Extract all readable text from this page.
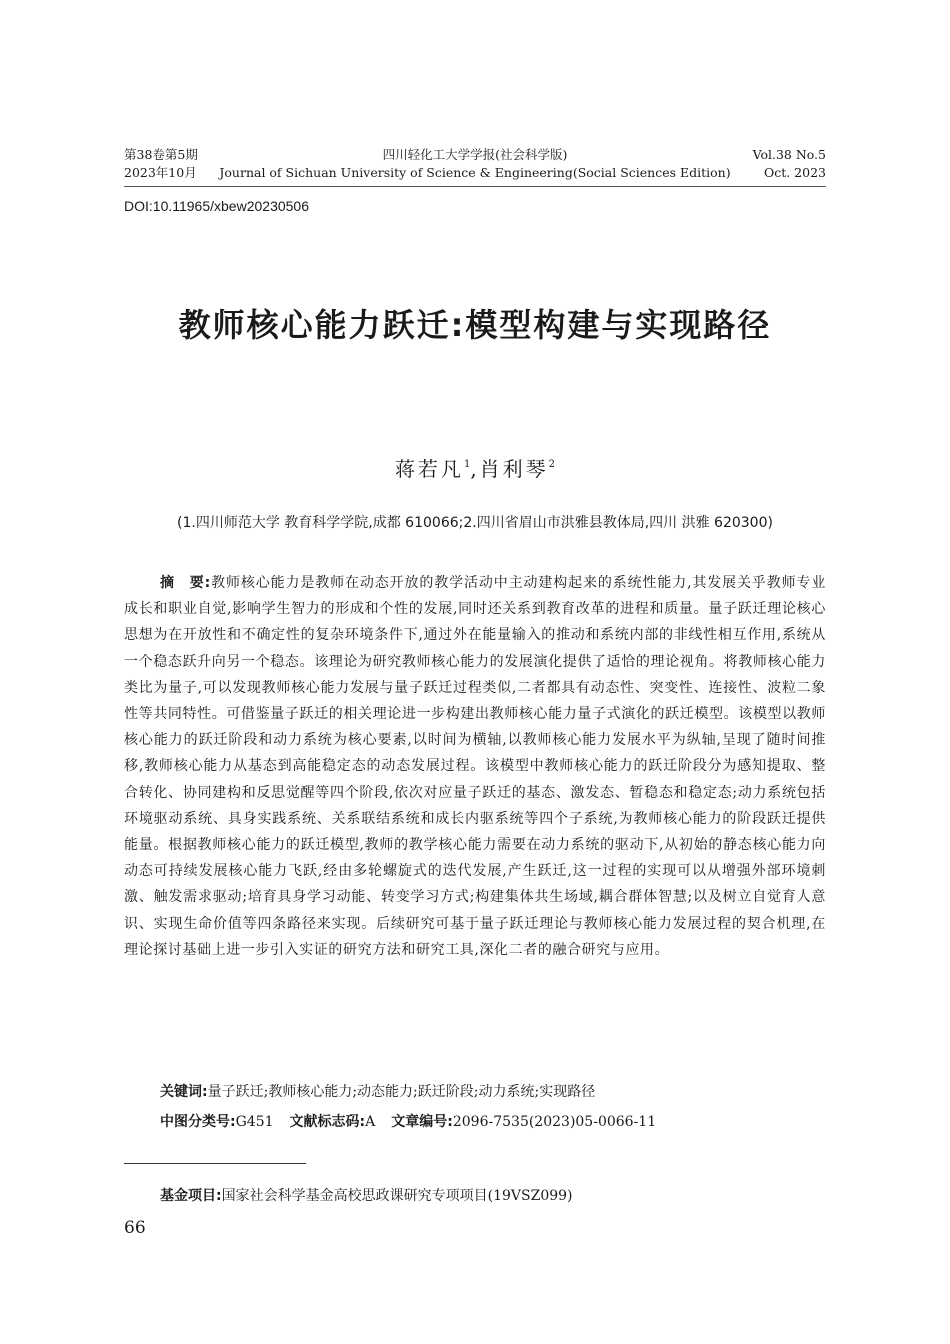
第38卷第5期
2023年10月
四川轻化工大学学报(社会科学版)
Journal of Sichuan University of Science & Engineering(Social Sciences Edition)
Vol.38 No.5
Oct. 2023
DOI:10.11965/xbew20230506
教师核心能力跃迁:模型构建与实现路径
蒋若凡$^1$,肖利琴$^2$
(1.四川师范大学 教育科学学院,成都 610066;2.四川省眉山市洪雅县教体局,四川 洪雅 620300)
摘　要:教师核心能力是教师在动态开放的教学活动中主动建构起来的系统性能力,其发展关乎教师专业成长和职业自觉,影响学生智力的形成和个性的发展,同时还关系到教育改革的进程和质量。量子跃迁理论核心思想为在开放性和不确定性的复杂环境条件下,通过外在能量输入的推动和系统内部的非线性相互作用,系统从一个稳态跃升向另一个稳态。该理论为研究教师核心能力的发展演化提供了适恰的理论视角。将教师核心能力类比为量子,可以发现教师核心能力发展与量子跃迁过程类似,二者都具有动态性、突变性、连接性、波粒二象性等共同特性。可借鉴量子跃迁的相关理论进一步构建出教师核心能力量子式演化的跃迁模型。该模型以教师核心能力的跃迁阶段和动力系统为核心要素,以时间为横轴,以教师核心能力发展水平为纵轴,呈现了随时间推移,教师核心能力从基态到高能稳定态的动态发展过程。该模型中教师核心能力的跃迁阶段分为感知提取、整合转化、协同建构和反思觉醒等四个阶段,依次对应量子跃迁的基态、激发态、暂稳态和稳定态;动力系统包括环境驱动系统、具身实践系统、关系联结系统和成长内驱系统等四个子系统,为教师核心能力的阶段跃迁提供能量。根据教师核心能力的跃迁模型,教师的教学核心能力需要在动力系统的驱动下,从初始的静态核心能力向动态可持续发展核心能力飞跃,经由多轮螺旋式的迭代发展,产生跃迁,这一过程的实现可以从增强外部环境刺激、触发需求驱动;培育具身学习动能、转变学习方式;构建集体共生场域,耦合群体智慧;以及树立自觉育人意识、实现生命价值等四条路径来实现。后续研究可基于量子跃迁理论与教师核心能力发展过程的契合机理,在理论探讨基础上进一步引入实证的研究方法和研究工具,深化二者的融合研究与应用。
关键词:量子跃迁;教师核心能力;动态能力;跃迁阶段;动力系统;实现路径
中图分类号:G451 文献标志码:A 文章编号:2096-7535(2023)05-0066-11
基金项目:国家社会科学基金高校思政课研究专项项目(19VSZ099)
66
